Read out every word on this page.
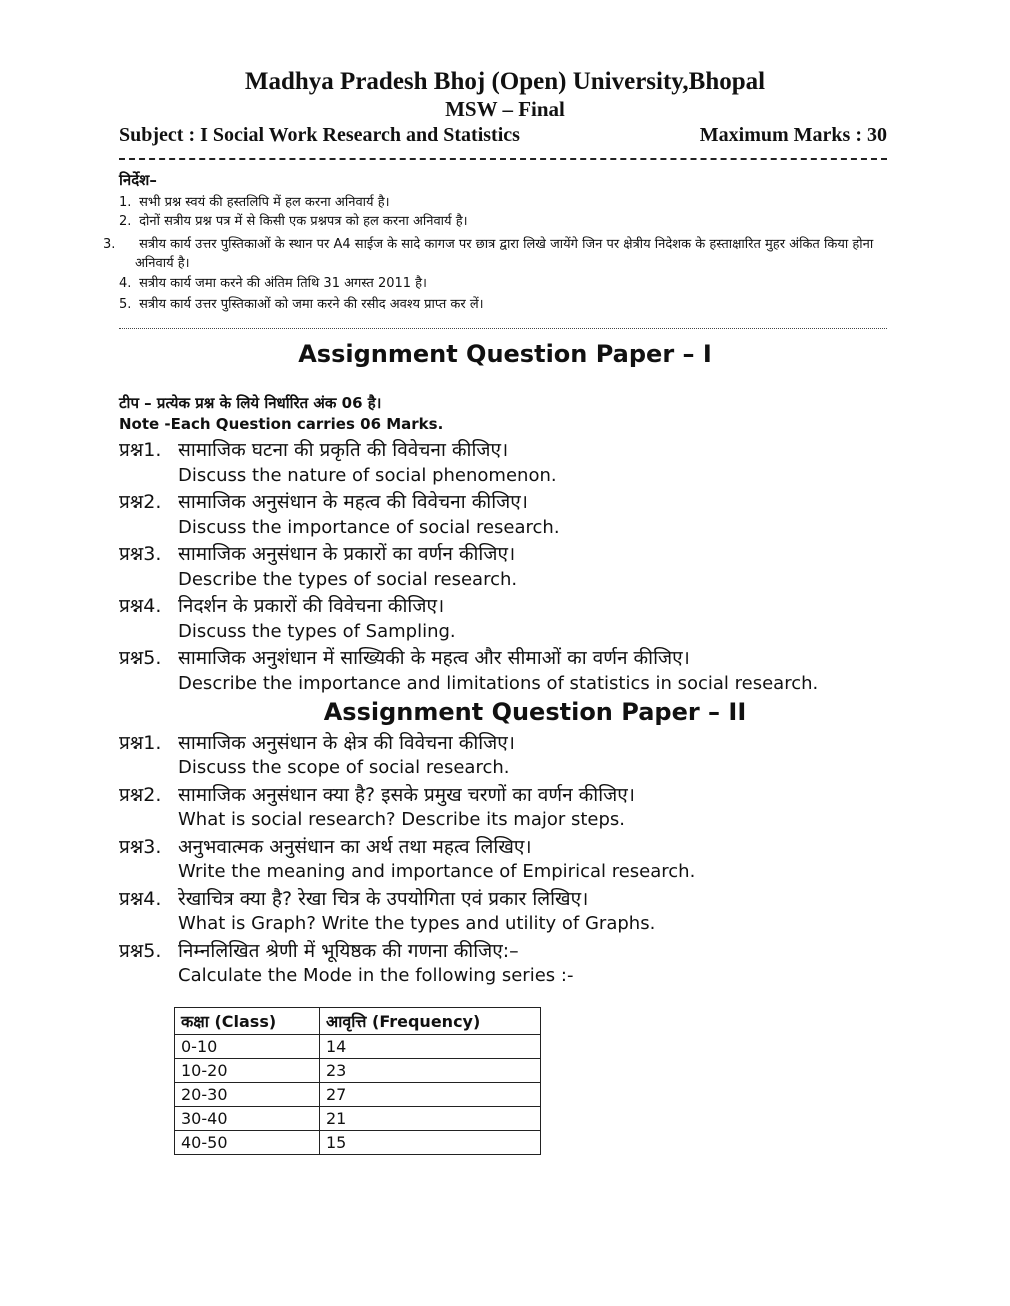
Madhya Pradesh Bhoj (Open) University,Bhopal
MSW – Final
Subject : I Social Work Research and Statistics	Maximum Marks : 30
निर्देश–
1. सभी प्रश्न स्वयं की हस्तलिपि में हल करना अनिवार्य है।
2. दोनों सत्रीय प्रश्न पत्र में से किसी एक प्रश्नपत्र को हल करना अनिवार्य है।
3. सत्रीय कार्य उत्तर पुस्तिकाओं के स्थान पर A4 साईज के सादे कागज पर छात्र द्वारा लिखे जायेंगे जिन पर क्षेत्रीय निदेशक के हस्ताक्षारित मुहर अंकित किया होना अनिवार्य है।
4. सत्रीय कार्य जमा करने की अंतिम तिथि 31 अगस्त 2011 है।
5. सत्रीय कार्य उत्तर पुस्तिकाओं को जमा करने की रसीद अवश्य प्राप्त कर लें।
Assignment Question Paper – I
टीप – प्रत्येक प्रश्न के लिये निर्धारित अंक 06 है।
Note -Each Question carries 06 Marks.
प्रश्न1. सामाजिक घटना की प्रकृति की विवेचना कीजिए।
Discuss the nature of social phenomenon.
प्रश्न2. सामाजिक अनुसंधान के महत्व की विवेचना कीजिए।
Discuss the importance of social research.
प्रश्न3. सामाजिक अनुसंधान के प्रकारों का वर्णन कीजिए।
Describe the types of social research.
प्रश्न4. निदर्शन के प्रकारों की विवेचना कीजिए।
Discuss the types of Sampling.
प्रश्न5. सामाजिक अनुशंधान में साख्यिकी के महत्व और सीमाओं का वर्णन कीजिए।
Describe the importance and limitations of statistics in social research.
Assignment Question Paper – II
प्रश्न1. सामाजिक अनुसंधान के क्षेत्र की विवेचना कीजिए।
Discuss the scope of social research.
प्रश्न2. सामाजिक अनुसंधान क्या है? इसके प्रमुख चरणों का वर्णन कीजिए।
What is social research? Describe its major steps.
प्रश्न3. अनुभवात्मक अनुसंधान का अर्थ तथा महत्व लिखिए।
Write the meaning and importance of Empirical research.
प्रश्न4. रेखाचित्र क्या है? रेखा चित्र के उपयोगिता एवं प्रकार लिखिए।
What is Graph? Write the types and utility of Graphs.
प्रश्न5. निम्नलिखित श्रेणी में भूयिष्ठक की गणना कीजिए:–
Calculate the Mode in the following series :-
कक्षा (Class)	आवृत्ति (Frequency)
0-10	14
10-20	23
20-30	27
30-40	21
40-50	15
